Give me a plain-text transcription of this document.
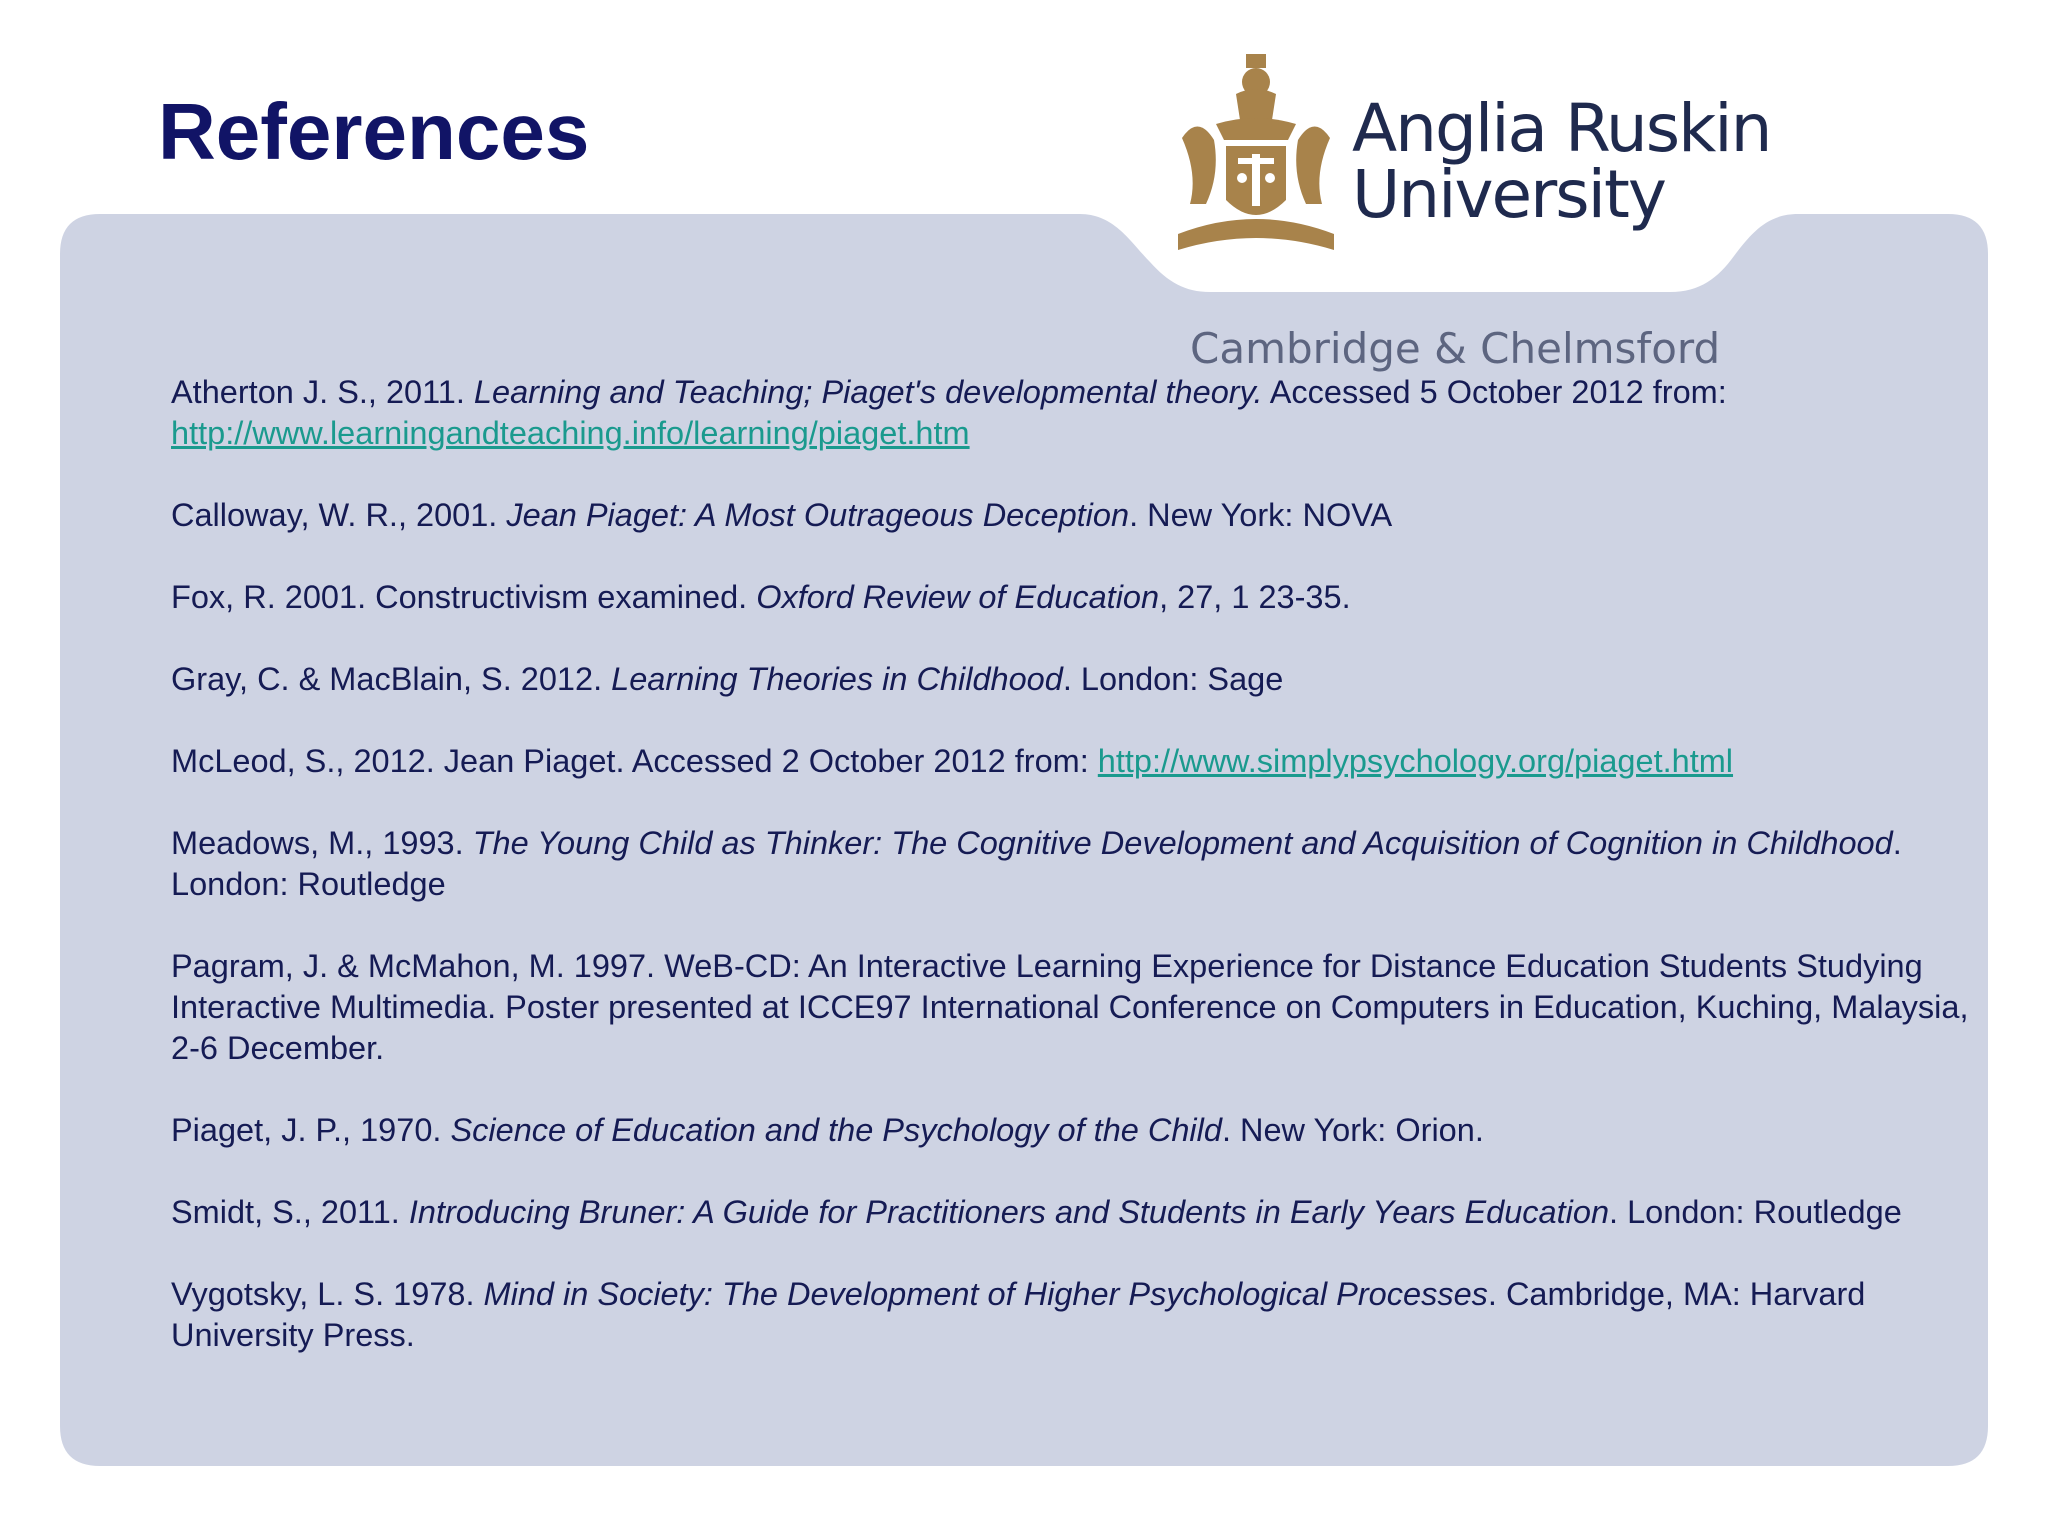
References	Anglia Ruskin
University
Cambridge & Chelmsford
Atherton J. S., 2011. Learning and Teaching; Piaget's developmental theory. Accessed 5 October 2012 from:
http://www.learningandteaching.info/learning/piaget.htm
Calloway, W. R., 2001. Jean Piaget: A Most Outrageous Deception. New York: NOVA
Fox, R. 2001. Constructivism examined. Oxford Review of Education, 27, 1 23-35.
Gray, C. & MacBlain, S. 2012. Learning Theories in Childhood. London: Sage
McLeod, S., 2012. Jean Piaget. Accessed 2 October 2012 from: http://www.simplypsychology.org/piaget.html
Meadows, M., 1993. The Young Child as Thinker: The Cognitive Development and Acquisition of Cognition in Childhood. London: Routledge
Pagram, J. & McMahon, M. 1997. WeB-CD: An Interactive Learning Experience for Distance Education Students Studying Interactive Multimedia. Poster presented at ICCE97 International Conference on Computers in Education, Kuching, Malaysia, 2-6 December.
Piaget, J. P., 1970. Science of Education and the Psychology of the Child. New York: Orion.
Smidt, S., 2011. Introducing Bruner: A Guide for Practitioners and Students in Early Years Education. London: Routledge
Vygotsky, L. S. 1978. Mind in Society: The Development of Higher Psychological Processes. Cambridge, MA: Harvard University Press.
